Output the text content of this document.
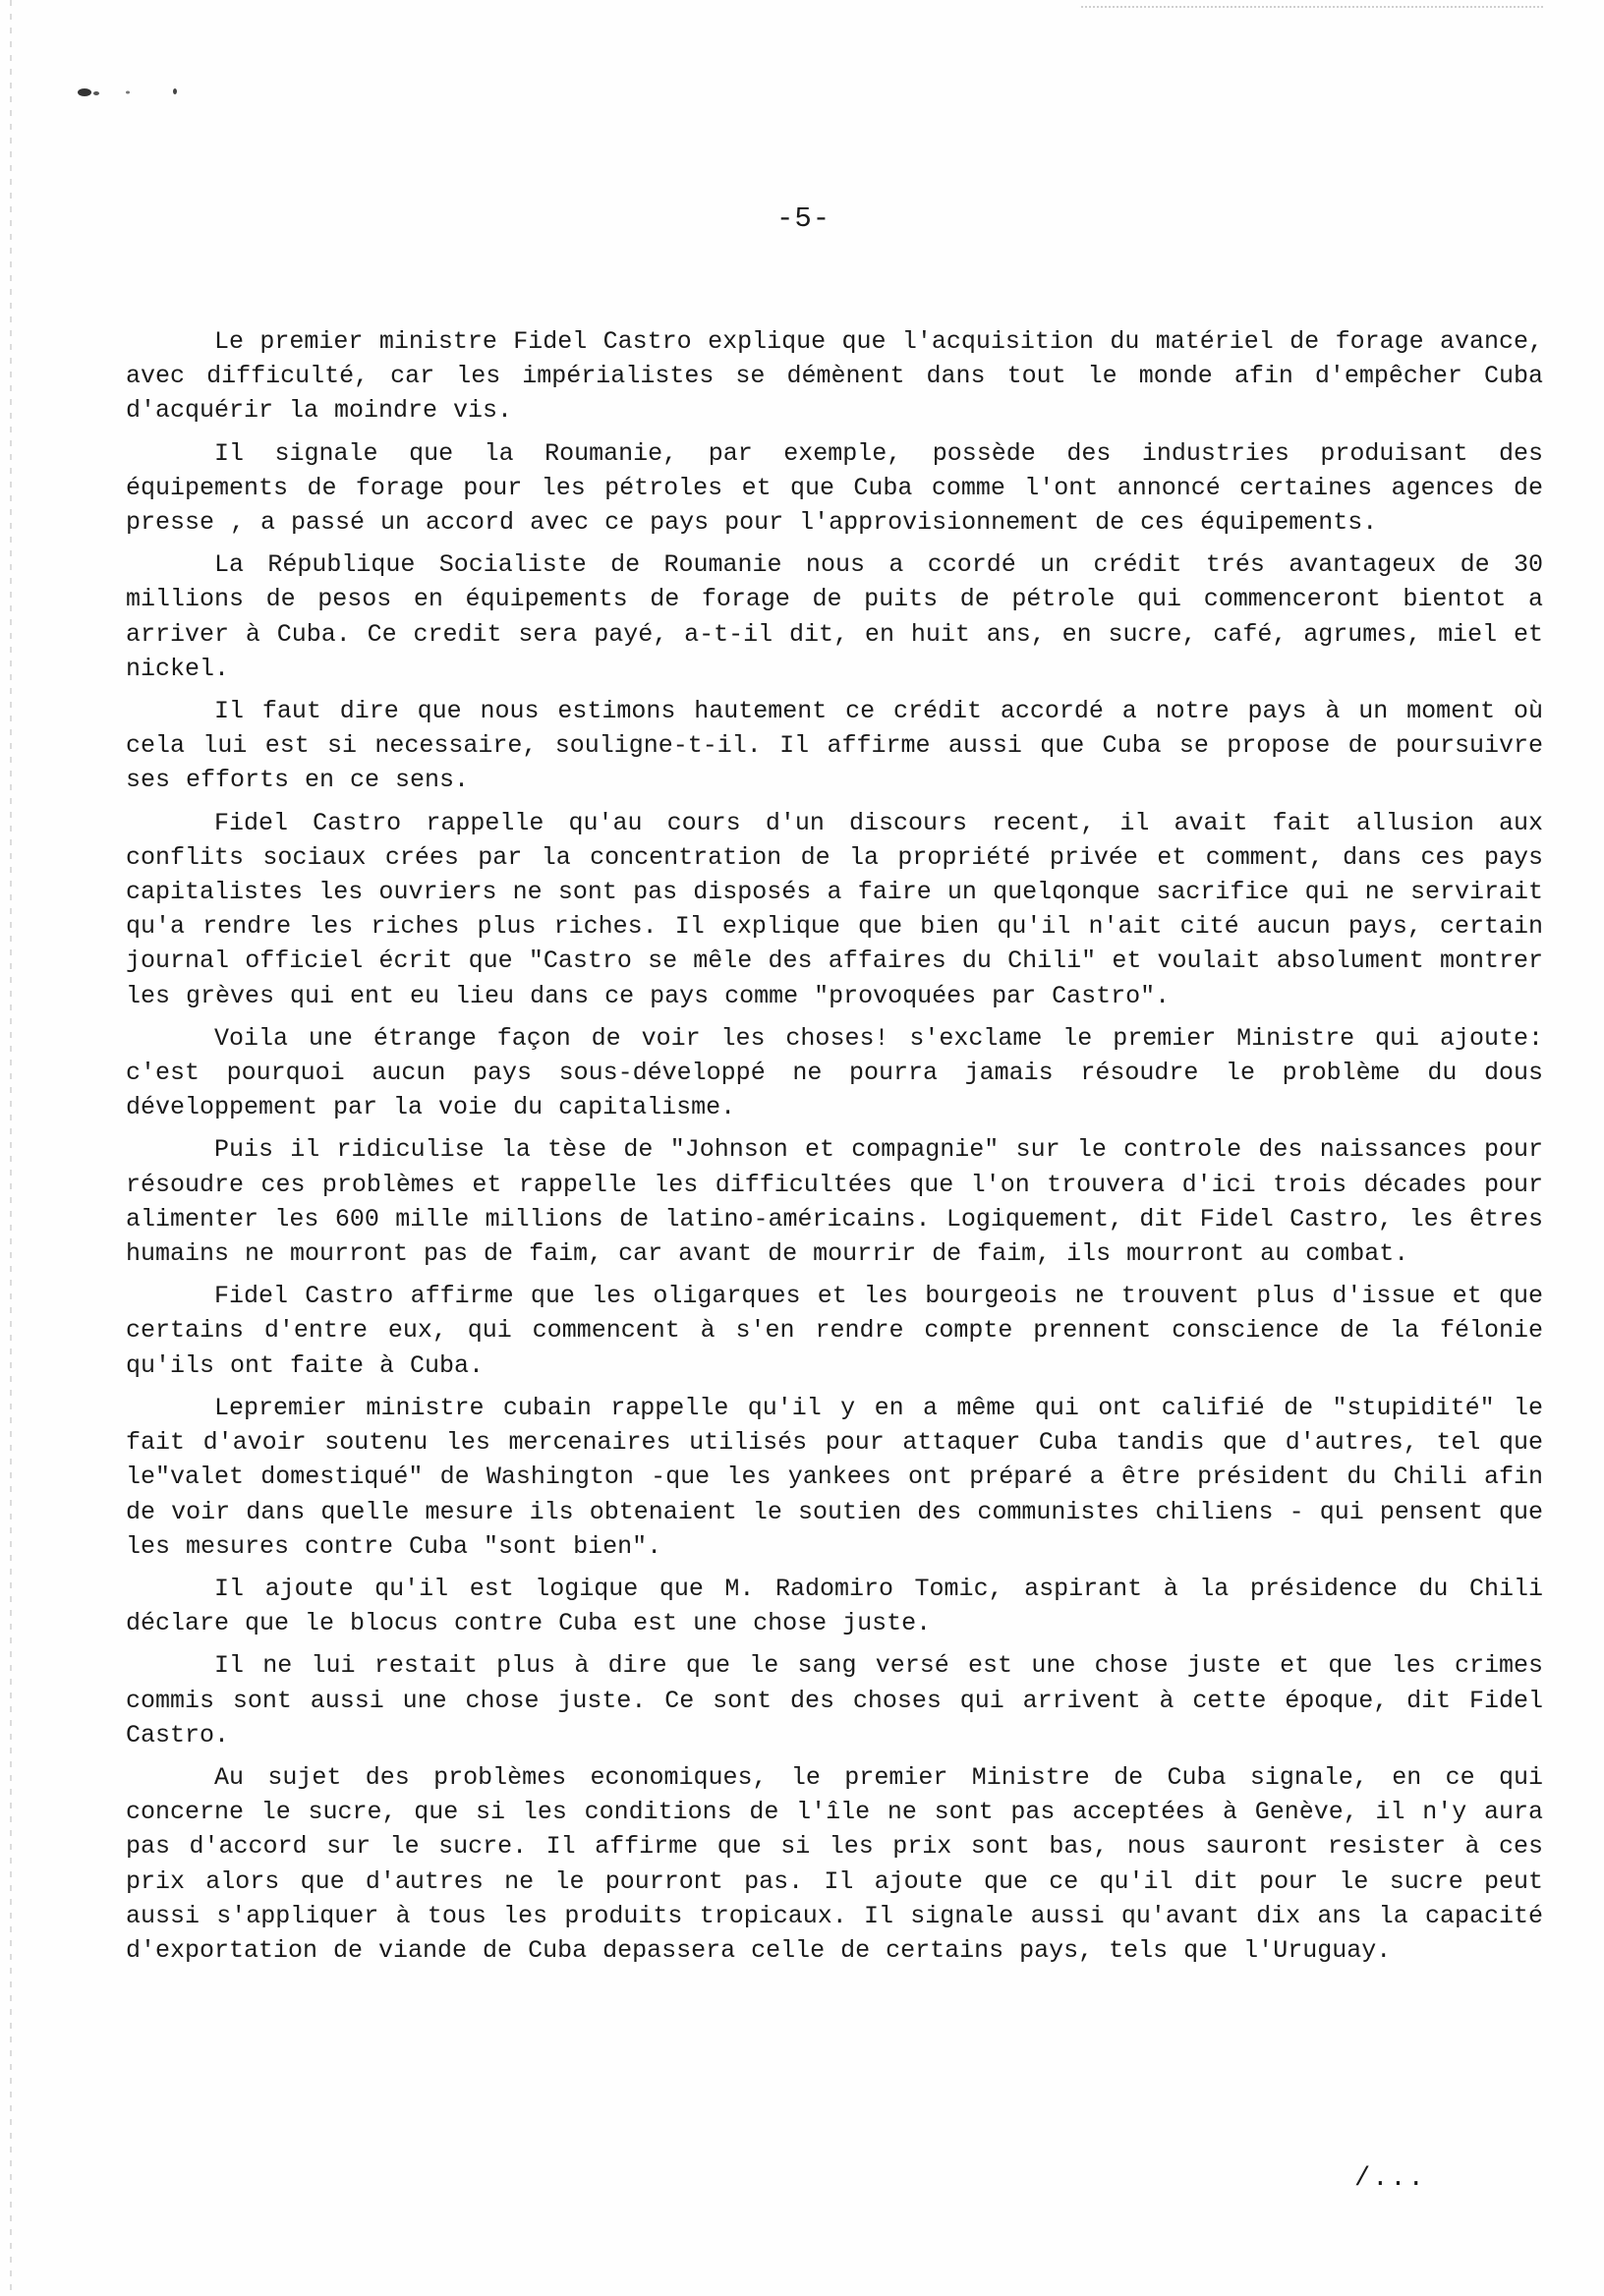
-5-

Le premier ministre Fidel Castro explique que l'acquisition du matériel de forage avance, avec difficulté, car les impérialistes se démènent dans tout le monde afin d'empêcher Cuba d'acquérir la moindre vis.

Il signale que la Roumanie, par exemple, possède des industries produisant des équipements de forage pour les pétroles et que Cuba comme l'ont annoncé certaines agences de presse , a passé un accord avec ce pays pour l'approvisionnement de ces équipements.

La République Socialiste de Roumanie nous a ccordé un crédit trés avantageux de 30 millions de pesos en équipements de forage de puits de pétrole qui commenceront bientot a arriver à Cuba. Ce credit sera payé, a-t-il dit, en huit ans, en sucre, café, agrumes, miel et nickel.

Il faut dire que nous estimons hautement ce crédit accordé a notre pays à un moment où cela lui est si necessaire, souligne-t-il. Il affirme aussi que Cuba se propose de poursuivre ses efforts en ce sens.

Fidel Castro rappelle qu'au cours d'un discours recent, il avait fait allusion aux conflits sociaux crées par la concentration de la propriété privée et comment, dans ces pays capitalistes les ouvriers ne sont pas disposés a faire un quelqonque sacrifice qui ne servirait qu'a rendre les riches plus riches. Il explique que bien qu'il n'ait cité aucun pays, certain journal officiel écrit que "Castro se mêle des affaires du Chili" et voulait absolument montrer les grèves qui ent eu lieu dans ce pays comme "provoquées par Castro".

Voila une étrange façon de voir les choses! s'exclame le premier Ministre qui ajoute: c'est pourquoi aucun pays sous-développé ne pourra jamais résoudre le problème du dous développement par la voie du capitalisme.

Puis il ridiculise la tèse de "Johnson et compagnie" sur le controle des naissances pour résoudre ces problèmes et rappelle les difficultées que l'on trouvera d'ici trois décades pour alimenter les 600 mille millions de latino-américains. Logiquement, dit Fidel Castro, les êtres humains ne mourront pas de faim, car avant de mourrir de faim, ils mourront au combat.

Fidel Castro affirme que les oligarques et les bourgeois ne trouvent plus d'issue et que certains d'entre eux, qui commencent à s'en rendre compte prennent conscience de la félonie qu'ils ont faite à Cuba.

Lepremier ministre cubain rappelle qu'il y en a même qui ont califié de "stupidité" le fait d'avoir soutenu les mercenaires utilisés pour attaquer Cuba tandis que d'autres, tel que le"valet domestiqué" de Washington -que les yankees ont préparé a être président du Chili afin de voir dans quelle mesure ils obtenaient le soutien des communistes chiliens - qui pensent que les mesures contre Cuba "sont bien".

Il ajoute qu'il est logique que M. Radomiro Tomic, aspirant à la présidence du Chili déclare que le blocus contre Cuba est une chose juste.

Il ne lui restait plus à dire que le sang versé est une chose juste et que les crimes commis sont aussi une chose juste. Ce sont des choses qui arrivent à cette époque, dit Fidel Castro.

Au sujet des problèmes economiques, le premier Ministre de Cuba signale, en ce qui concerne le sucre, que si les conditions de l'île ne sont pas acceptées à Genève, il n'y aura pas d'accord sur le sucre. Il affirme que si les prix sont bas, nous sauront resister à ces prix alors que d'autres ne le pourront pas. Il ajoute que ce qu'il dit pour le sucre peut aussi s'appliquer à tous les produits tropicaux. Il signale aussi qu'avant dix ans la capacité d'exportation de viande de Cuba depassera celle de certains pays, tels que l'Uruguay.

/...
